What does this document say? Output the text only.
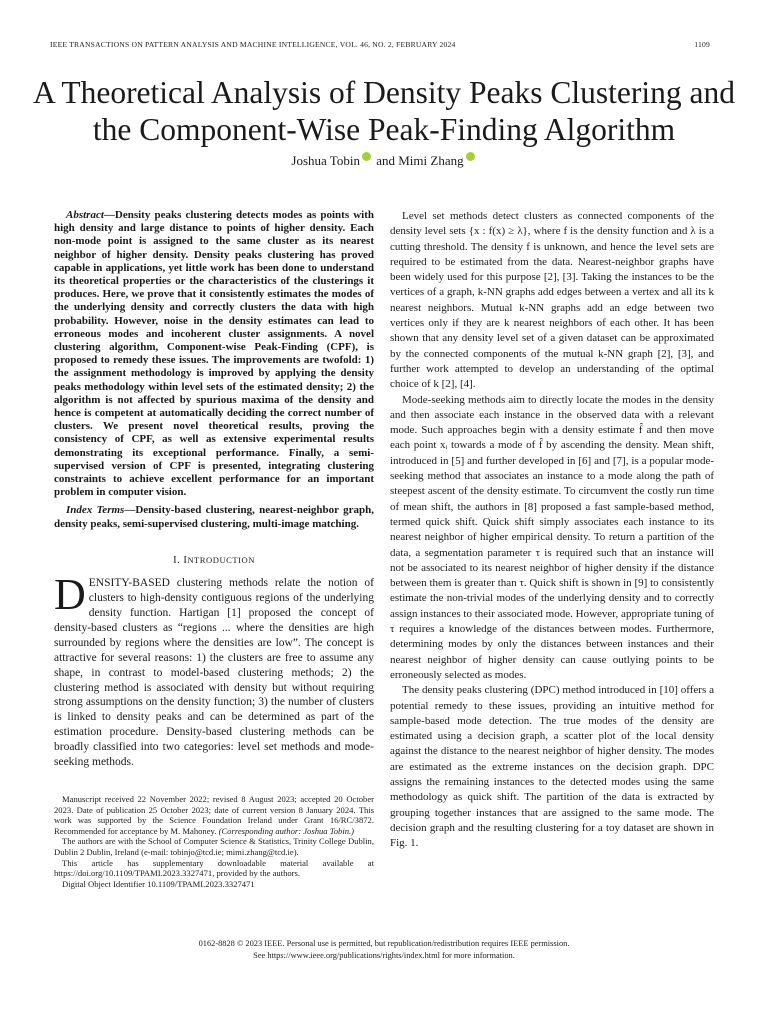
IEEE TRANSACTIONS ON PATTERN ANALYSIS AND MACHINE INTELLIGENCE, VOL. 46, NO. 2, FEBRUARY 2024	1109
A Theoretical Analysis of Density Peaks Clustering and the Component-Wise Peak-Finding Algorithm
Joshua Tobin and Mimi Zhang

Abstract—Density peaks clustering detects modes as points with high density and large distance to points of higher density. Each non-mode point is assigned to the same cluster as its nearest neighbor of higher density. Density peaks clustering has proved capable in applications, yet little work has been done to understand its theoretical properties or the characteristics of the clusterings it produces. Here, we prove that it consistently estimates the modes of the underlying density and correctly clusters the data with high probability. However, noise in the density estimates can lead to erroneous modes and incoherent cluster assignments. A novel clustering algorithm, Component-wise Peak-Finding (CPF), is proposed to remedy these issues. The improvements are twofold: 1) the assignment methodology is improved by applying the density peaks methodology within level sets of the estimated density; 2) the algorithm is not affected by spurious maxima of the density and hence is competent at automatically deciding the correct number of clusters. We present novel theoretical results, proving the consistency of CPF, as well as extensive experimental results demonstrating its exceptional performance. Finally, a semi-supervised version of CPF is presented, integrating clustering constraints to achieve excellent performance for an important problem in computer vision.

Index Terms—Density-based clustering, nearest-neighbor graph, density peaks, semi-supervised clustering, multi-image matching.

I. INTRODUCTION

DENSITY-BASED clustering methods relate the notion of clusters to high-density contiguous regions of the underlying density function. Hartigan [1] proposed the concept of density-based clusters as “regions ... where the densities are high surrounded by regions where the densities are low”. The concept is attractive for several reasons: 1) the clusters are free to assume any shape, in contrast to model-based clustering methods; 2) the clustering method is associated with density but without requiring strong assumptions on the density function; 3) the number of clusters is linked to density peaks and can be determined as part of the estimation procedure. Density-based clustering methods can be broadly classified into two categories: level set methods and mode-seeking methods.

Manuscript received 22 November 2022; revised 8 August 2023; accepted 20 October 2023. Date of publication 25 October 2023; date of current version 8 January 2024. This work was supported by the Science Foundation Ireland under Grant 16/RC/3872. Recommended for acceptance by M. Mahoney. (Corresponding author: Joshua Tobin.)

The authors are with the School of Computer Science & Statistics, Trinity College Dublin, Dublin 2 Dublin, Ireland (e-mail: tobinjo@tcd.ie; mimi.zhang@tcd.ie).

This article has supplementary downloadable material available at https://doi.org/10.1109/TPAMI.2023.3327471, provided by the authors.

Digital Object Identifier 10.1109/TPAMI.2023.3327471

Level set methods detect clusters as connected components of the density level sets {x : f(x) ≥ λ}, where f is the density function and λ is a cutting threshold. The density f is unknown, and hence the level sets are required to be estimated from the data. Nearest-neighbor graphs have been widely used for this purpose [2], [3]. Taking the instances to be the vertices of a graph, k-NN graphs add edges between a vertex and all its k nearest neighbors. Mutual k-NN graphs add an edge between two vertices only if they are k nearest neighbors of each other. It has been shown that any density level set of a given dataset can be approximated by the connected components of the mutual k-NN graph [2], [3], and further work attempted to develop an understanding of the optimal choice of k [2], [4].

Mode-seeking methods aim to directly locate the modes in the density and then associate each instance in the observed data with a relevant mode. Such approaches begin with a density estimate f̂ and then move each point xᵢ towards a mode of f̂ by ascending the density. Mean shift, introduced in [5] and further developed in [6] and [7], is a popular mode-seeking method that associates an instance to a mode along the path of steepest ascent of the density estimate. To circumvent the costly run time of mean shift, the authors in [8] proposed a fast sample-based method, termed quick shift. Quick shift simply associates each instance to its nearest neighbor of higher empirical density. To return a partition of the data, a segmentation parameter τ is required such that an instance will not be associated to its nearest neighbor of higher density if the distance between them is greater than τ. Quick shift is shown in [9] to consistently estimate the non-trivial modes of the underlying density and to correctly assign instances to their associated mode. However, appropriate tuning of τ requires a knowledge of the distances between modes. Furthermore, determining modes by only the distances between instances and their nearest neighbor of higher density can cause outlying points to be erroneously selected as modes.

The density peaks clustering (DPC) method introduced in [10] offers a potential remedy to these issues, providing an intuitive method for sample-based mode detection. The true modes of the density are estimated using a decision graph, a scatter plot of the local density against the distance to the nearest neighbor of higher density. The modes are estimated as the extreme instances on the decision graph. DPC assigns the remaining instances to the detected modes using the same methodology as quick shift. The partition of the data is extracted by grouping together instances that are assigned to the same mode. The decision graph and the resulting clustering for a toy dataset are shown in Fig. 1.

0162-8828 © 2023 IEEE. Personal use is permitted, but republication/redistribution requires IEEE permission.
See https://www.ieee.org/publications/rights/index.html for more information.
